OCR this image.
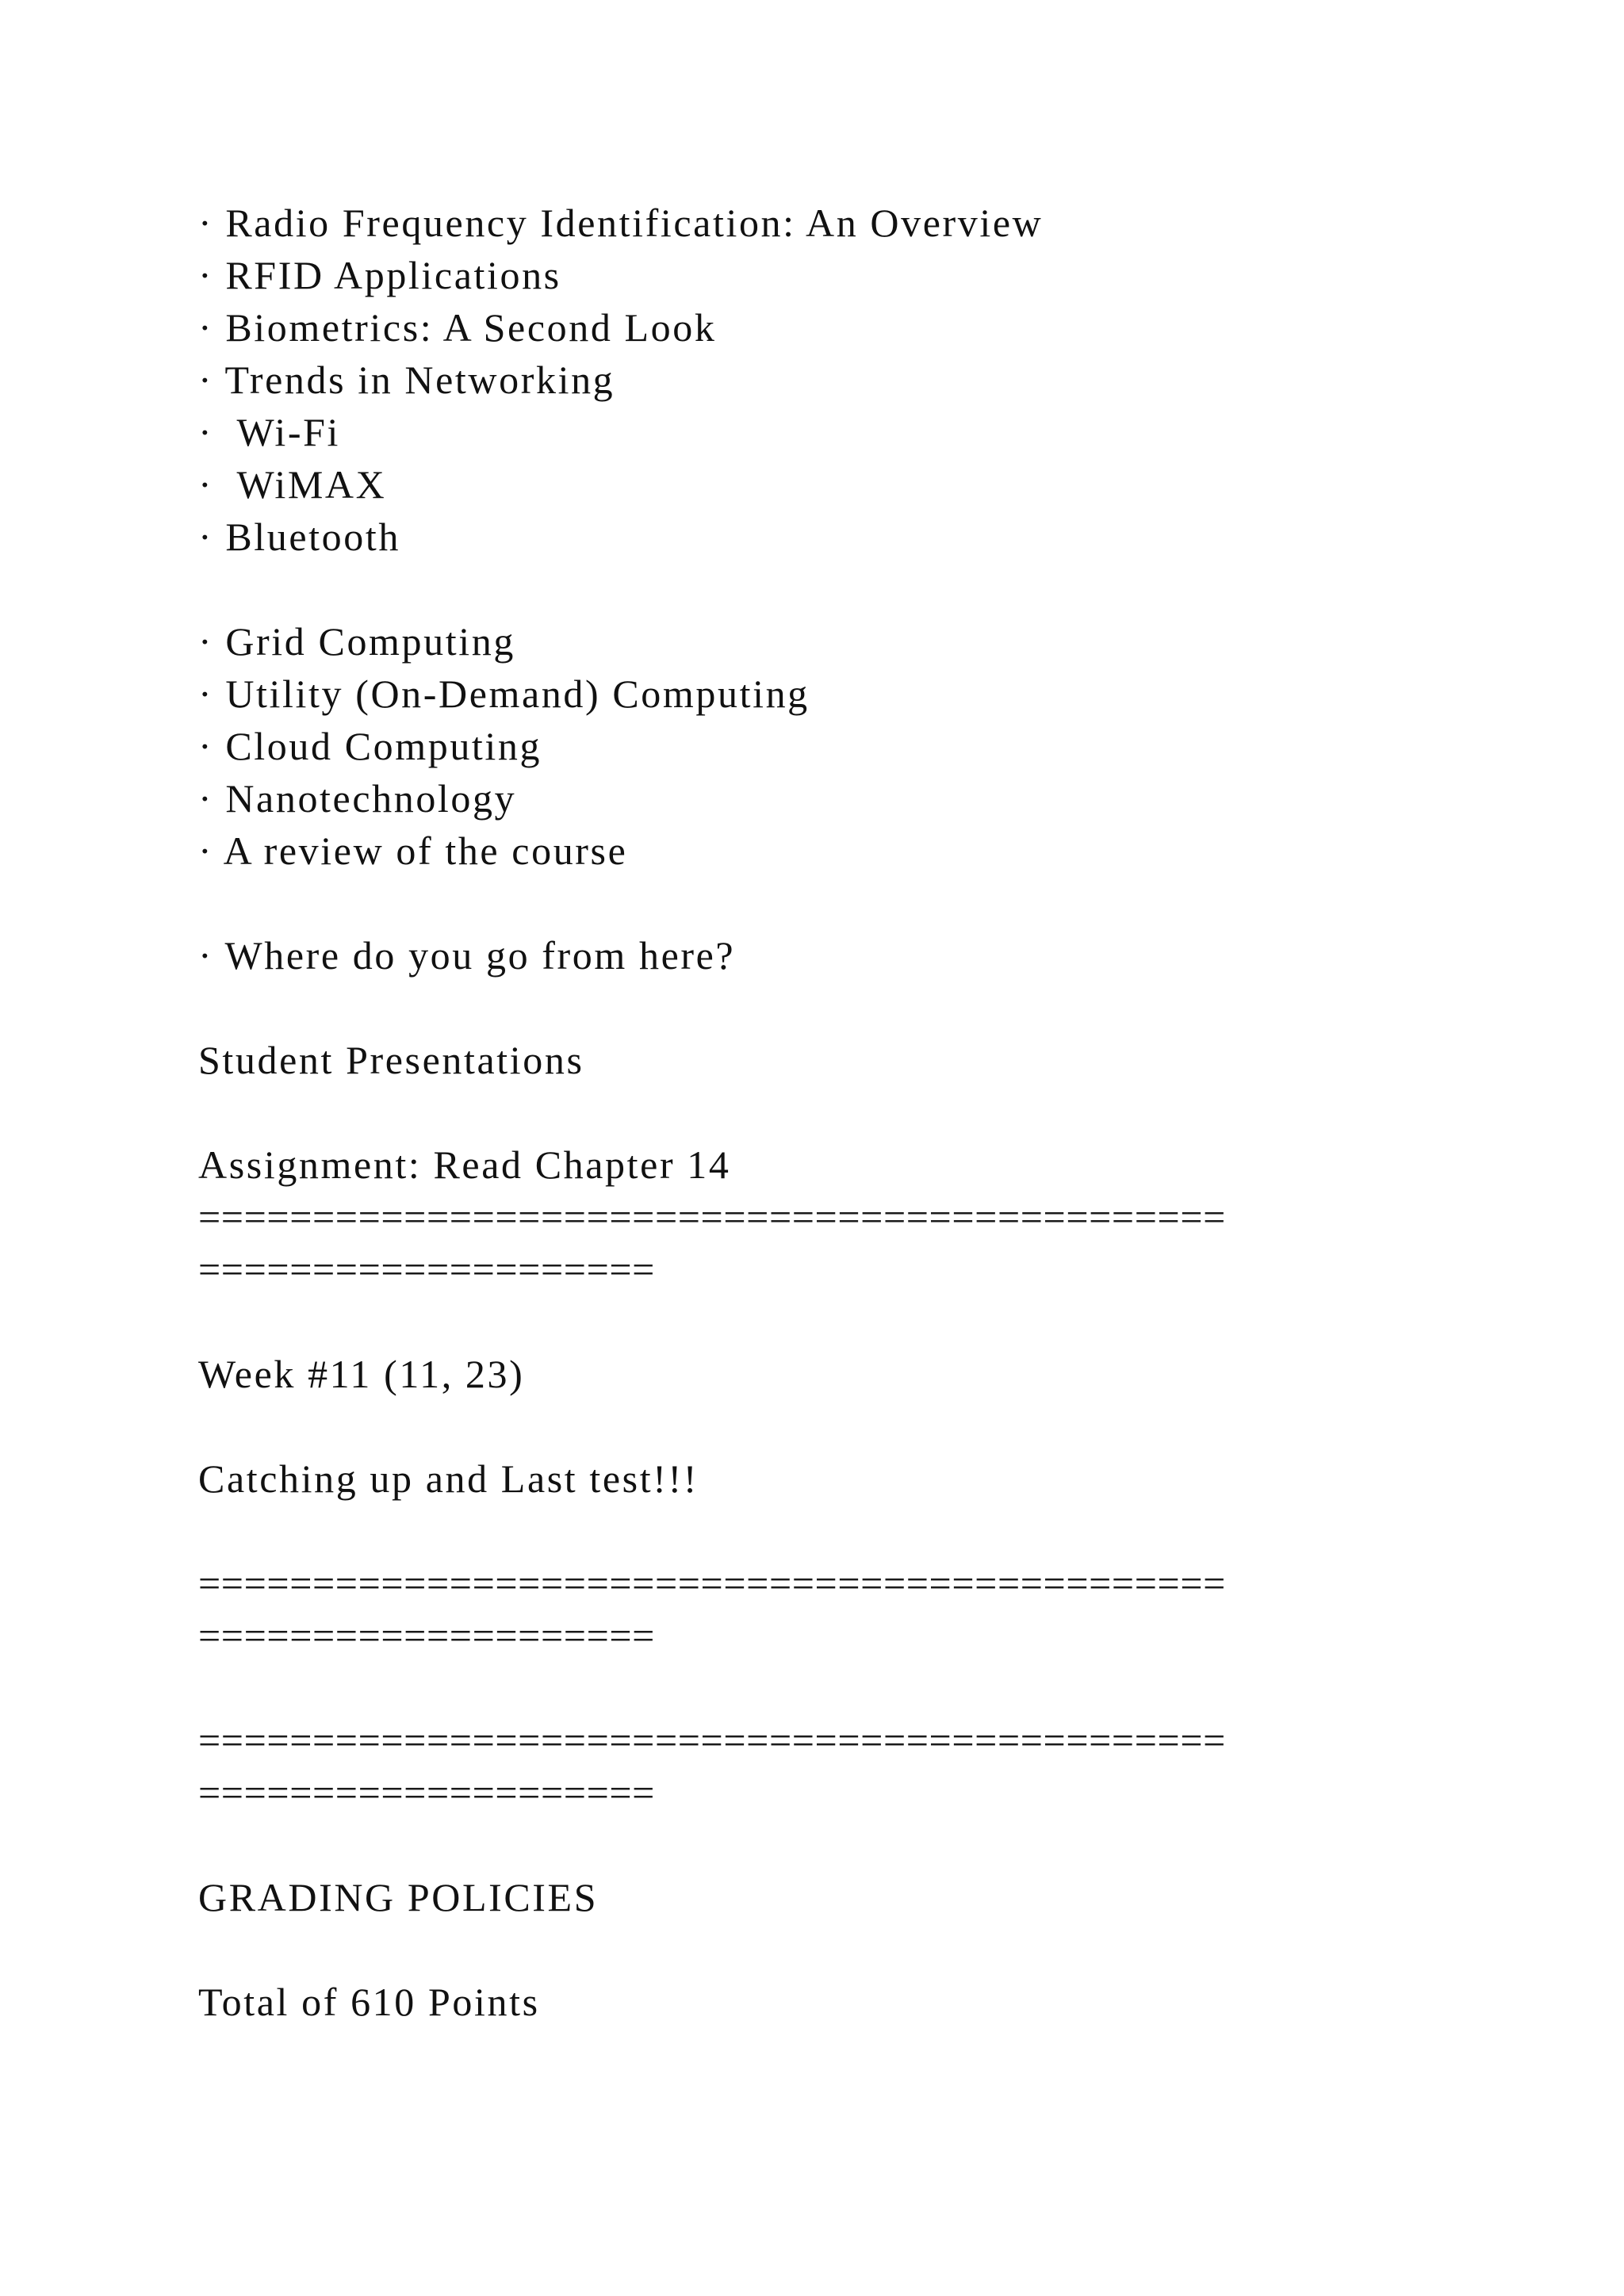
· Radio Frequency Identification: An Overview
· RFID Applications
· Biometrics: A Second Look
· Trends in Networking
·  Wi-Fi
·  WiMAX
· Bluetooth
· Grid Computing
· Utility (On-Demand) Computing
· Cloud Computing
· Nanotechnology
· A review of the course
· Where do you go from here?
Student Presentations
Assignment: Read Chapter 14
=============================================
====================
Week #11 (11, 23)
Catching up and Last test!!!
=============================================
====================
=============================================
====================
GRADING POLICIES
Total of 610 Points
